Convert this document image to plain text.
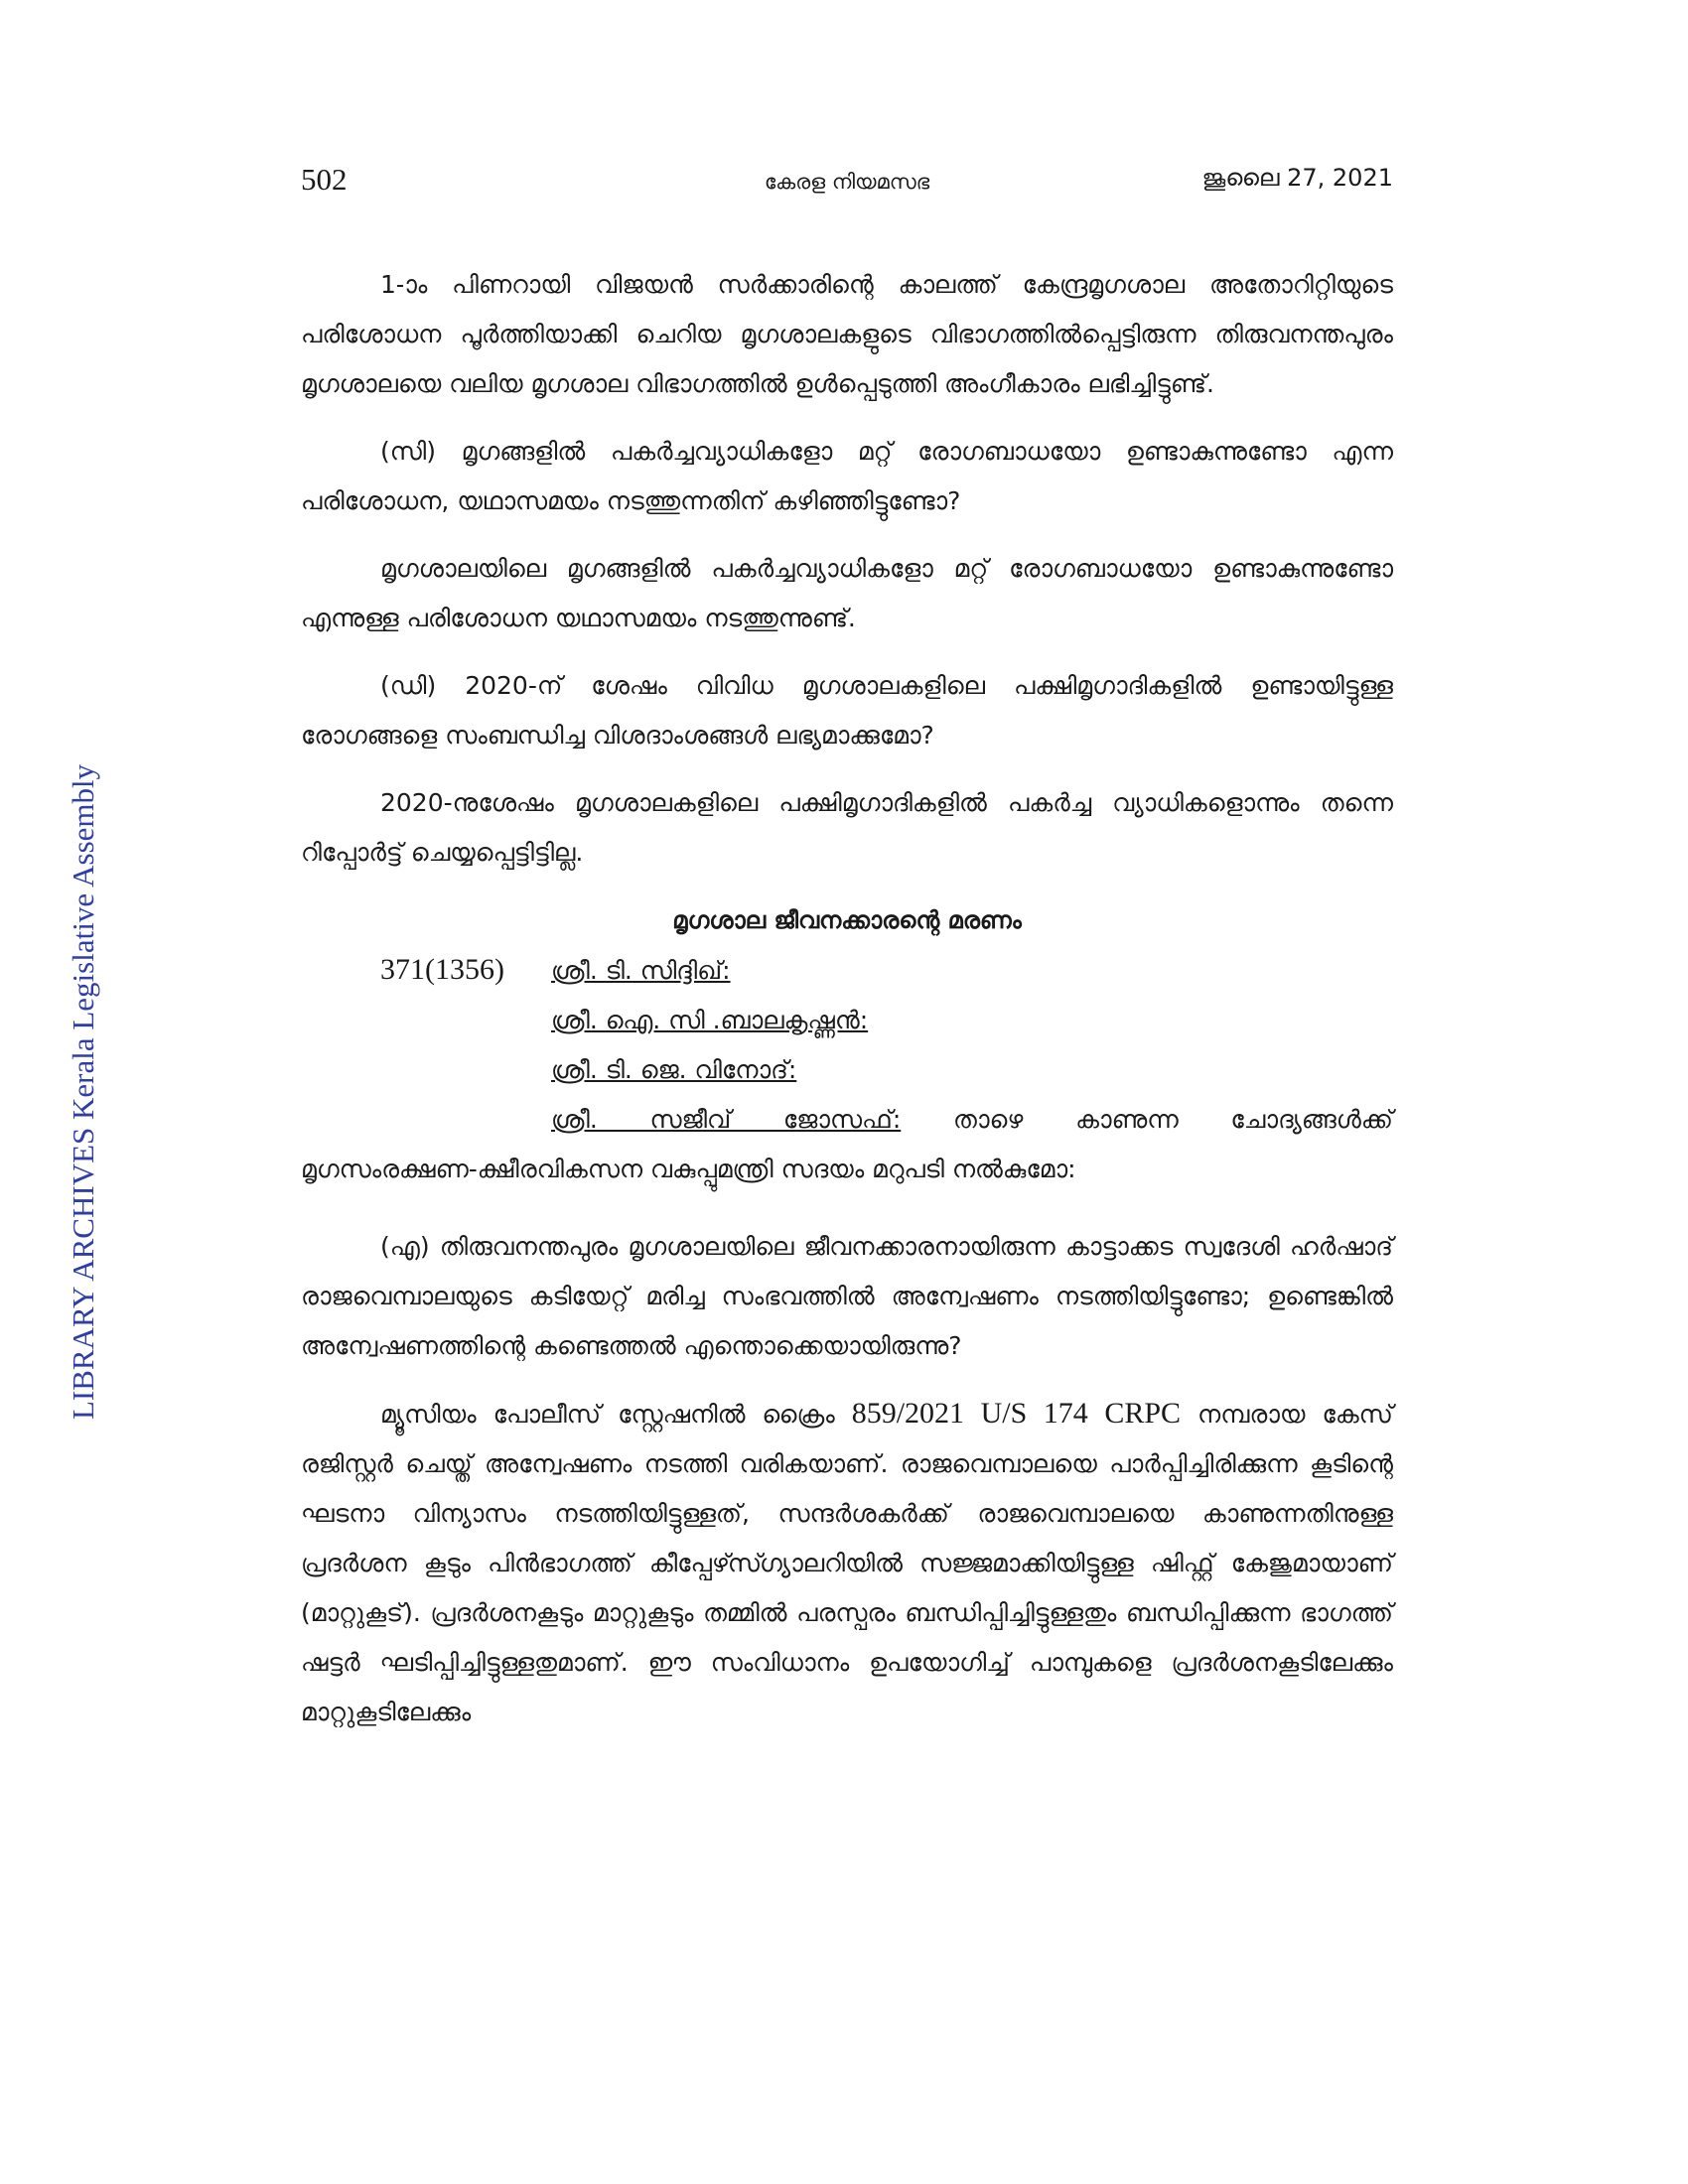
LIBRARY ARCHIVES Kerala Legislative Assembly
502	കേരള നിയമസഭ	ജൂലൈ 27, 2021

1-ാം പിണറായി വിജയൻ സർക്കാരിന്റെ കാലത്ത് കേന്ദ്രമൃഗശാല അതോറിറ്റിയുടെ പരിശോധന പൂർത്തിയാക്കി ചെറിയ മൃഗശാലകളുടെ വിഭാഗത്തിൽപ്പെട്ടിരുന്ന തിരുവനന്തപുരം മൃഗശാലയെ വലിയ മൃഗശാല വിഭാഗത്തിൽ ഉൾപ്പെടുത്തി അംഗീകാരം ലഭിച്ചിട്ടുണ്ട്.

(സി) മൃഗങ്ങളിൽ പകർച്ചവ്യാധികളോ മറ്റ് രോഗബാധയോ ഉണ്ടാകുന്നുണ്ടോ എന്ന പരിശോധന, യഥാസമയം നടത്തുന്നതിന് കഴിഞ്ഞിട്ടുണ്ടോ?

മൃഗശാലയിലെ മൃഗങ്ങളിൽ പകർച്ചവ്യാധികളോ മറ്റ് രോഗബാധയോ ഉണ്ടാകുന്നുണ്ടോ എന്നുള്ള പരിശോധന യഥാസമയം നടത്തുന്നുണ്ട്.

(ഡി) 2020-ന് ശേഷം വിവിധ മൃഗശാലകളിലെ പക്ഷിമൃഗാദികളിൽ ഉണ്ടായിട്ടുള്ള രോഗങ്ങളെ സംബന്ധിച്ച വിശദാംശങ്ങൾ ലഭ്യമാക്കുമോ?

2020-നുശേഷം മൃഗശാലകളിലെ പക്ഷിമൃഗാദികളിൽ പകർച്ച വ്യാധികളൊന്നും തന്നെ റിപ്പോർട്ട് ചെയ്യപ്പെട്ടിട്ടില്ല.

മൃഗശാല ജീവനക്കാരന്റെ മരണം
371(1356) ശ്രീ. ടി. സിദ്ദിഖ്:
ശ്രീ. ഐ. സി .ബാലകൃഷ്ണൻ:
ശ്രീ. ടി. ജെ. വിനോദ്:
ശ്രീ. സജീവ് ജോസഫ്: താഴെ കാണുന്ന ചോദ്യങ്ങൾക്ക്
മൃഗസംരക്ഷണ-ക്ഷീരവികസന വകുപ്പുമന്ത്രി സദയം മറുപടി നൽകുമോ:

(എ) തിരുവനന്തപുരം മൃഗശാലയിലെ ജീവനക്കാരനായിരുന്ന കാട്ടാക്കട സ്വദേശി ഹർഷാദ് രാജവെമ്പാലയുടെ കടിയേറ്റ് മരിച്ച സംഭവത്തിൽ അന്വേഷണം നടത്തിയിട്ടുണ്ടോ; ഉണ്ടെങ്കിൽ അന്വേഷണത്തിന്റെ കണ്ടെത്തൽ എന്തൊക്കെയായിരുന്നു?

മ്യൂസിയം പോലീസ് സ്റ്റേഷനിൽ ക്രൈം 859/2021 U/S 174 CRPC നമ്പരായ കേസ് രജിസ്റ്റർ ചെയ്ത് അന്വേഷണം നടത്തി വരികയാണ്. രാജവെമ്പാലയെ പാർപ്പിച്ചിരിക്കുന്ന കൂടിന്റെ ഘടനാ വിന്യാസം നടത്തിയിട്ടുള്ളത്, സന്ദർശകർക്ക് രാജവെമ്പാലയെ കാണുന്നതിനുള്ള പ്രദർശന കൂടും പിൻഭാഗത്ത് കീപ്പേഴ്സ്ഗ്യാലറിയിൽ സജ്ജമാക്കിയിട്ടുള്ള ഷിഫ്റ്റ് കേജുമായാണ് (മാറ്റുകൂട്). പ്രദർശനകൂടും മാറ്റുകൂടും തമ്മിൽ പരസ്പരം ബന്ധിപ്പിച്ചിട്ടുള്ളതും ബന്ധിപ്പിക്കുന്ന ഭാഗത്ത് ഷട്ടർ ഘടിപ്പിച്ചിട്ടുള്ളതുമാണ്. ഈ സംവിധാനം ഉപയോഗിച്ച് പാമ്പുകളെ പ്രദർശനകൂടിലേക്കും മാറ്റുകൂടിലേക്കും
